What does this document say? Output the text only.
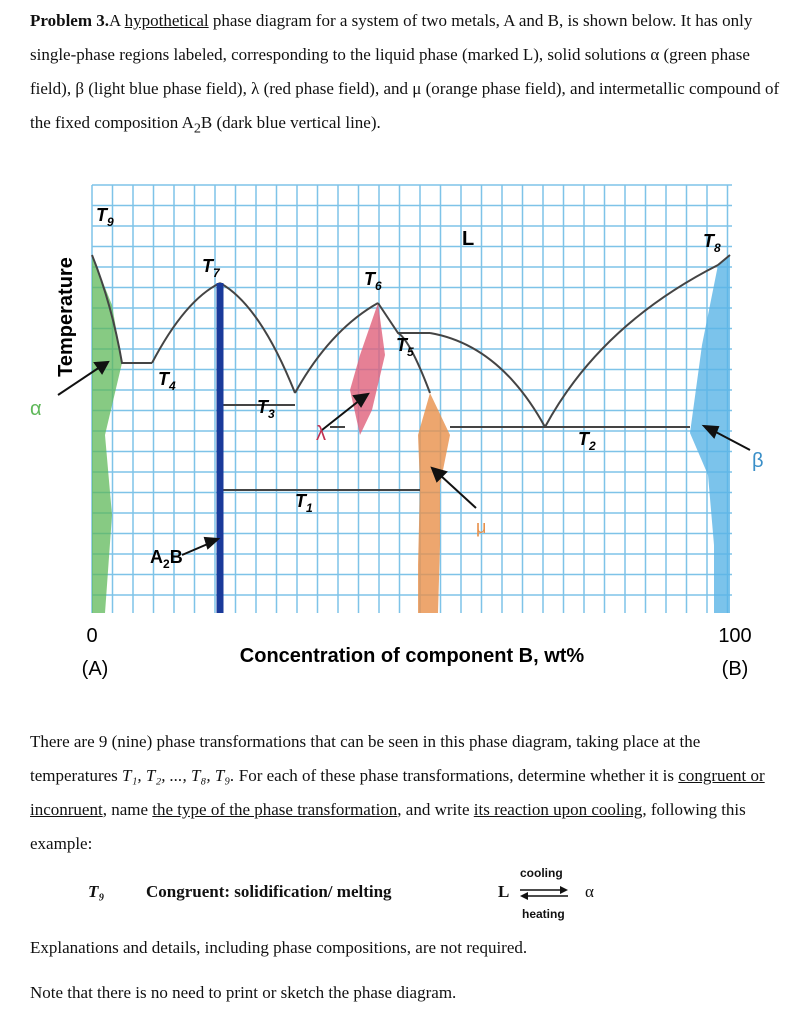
Problem 3.A hypothetical phase diagram for a system of two metals, A and B, is shown below. It has only single-phase regions labeled, corresponding to the liquid phase (marked L), solid solutions α (green phase field), β (light blue phase field), λ (red phase field), and μ (orange phase field), and intermetallic compound of the fixed composition $A_2B$ (dark blue vertical line).

Temperature
α
β
λ
μ
L
$A_2B$
$T_9$
$T_7$	$T_6$
$T_5$
$T_4$
$T_3$
$T_2$
$T_1$
$T_8$
0
(A)
100
(B)
Concentration of component B, wt%

There are 9 (nine) phase transformations that can be seen in this phase diagram, taking place at the temperatures T₁, T₂, ..., T₈, T₉. For each of these phase transformations, determine whether it is congruent or inconruent, name the type of the phase transformation, and write its reaction upon cooling, following this example:

T₉ Congruent: solidification/ melting	L
cooling
heating
α

Explanations and details, including phase compositions, are not required.

Note that there is no need to print or sketch the phase diagram.
